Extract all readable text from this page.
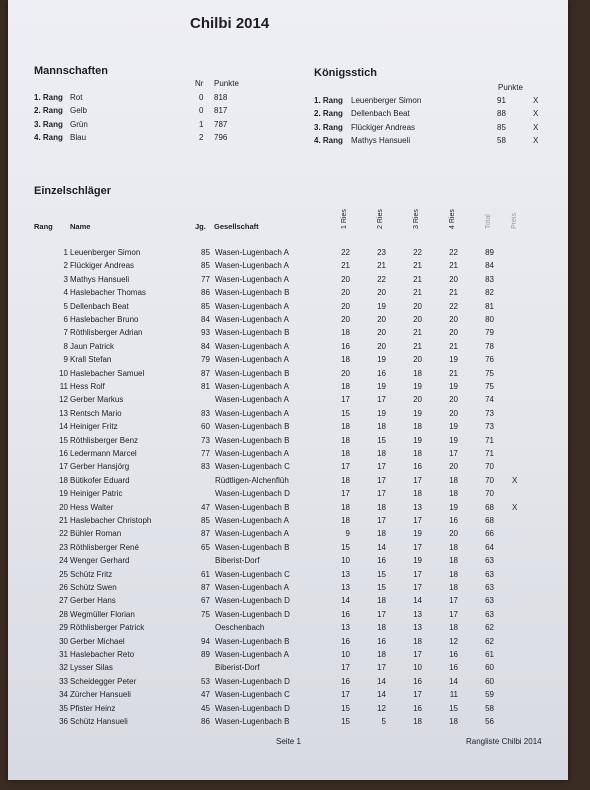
Chilbi 2014
Mannschaften
Nr Punkte
1. Rang Rot	0 818
2. Rang Gelb	0 817
3. Rang Grün	1 787
4. Rang Blau	2 796
Königsstich
Punkte
1. Rang Leuenberger Simon	91	X
2. Rang Dellenbach Beat	88	X
3. Rang Flückiger Andreas	85	X
4. Rang Mathys Hansueli	58	X
Einzelschläger
Rang Name	Jg. Gesellschaft	1 Ries	2 Ries	3 Ries	4 Ries	Total	Preis
1 Leuenberger Simon	85 Wasen-Lugenbach A	22	23	22	22	89
2 Flückiger Andreas	85 Wasen-Lugenbach A	21	21	21	21	84
3 Mathys Hansueli	77 Wasen-Lugenbach A	20	22	21	20	83
4 Haslebacher Thomas	86 Wasen-Lugenbach B	20	20	21	21	82
5 Dellenbach Beat	85 Wasen-Lugenbach A	20	19	20	22	81
6 Haslebacher Bruno	84 Wasen-Lugenbach A	20	20	20	20	80
7 Röthlisberger Adrian	93 Wasen-Lugenbach B	18	20	21	20	79
8 Jaun Patrick	84 Wasen-Lugenbach A	16	20	21	21	78
9 Krall Stefan	79 Wasen-Lugenbach A	18	19	20	19	76
10 Haslebacher Samuel	87 Wasen-Lugenbach B	20	16	18	21	75
11 Hess Rolf	81 Wasen-Lugenbach A	18	19	19	19	75
12 Gerber Markus	Wasen-Lugenbach A	17	17	20	20	74
13 Rentsch Mario	83 Wasen-Lugenbach A	15	19	19	20	73
14 Heiniger Fritz	60 Wasen-Lugenbach B	18	18	18	19	73
15 Röthlisberger Benz	73 Wasen-Lugenbach B	18	15	19	19	71
16 Ledermann Marcel	77 Wasen-Lugenbach A	18	18	18	17	71
17 Gerber Hansjörg	83 Wasen-Lugenbach C	17	17	16	20	70
18 Bütikofer Eduard	Rüdtligen-Alchenflüh	18	17	17	18	70 X
19 Heiniger Patric	Wasen-Lugenbach D	17	17	18	18	70
20 Hess Walter	47 Wasen-Lugenbach B	18	18	13	19	68 X
21 Haslebacher Christoph	85 Wasen-Lugenbach A	18	17	17	16	68
22 Bühler Roman	87 Wasen-Lugenbach A	9	18	19	20	66
23 Röthlisberger René	65 Wasen-Lugenbach B	15	14	17	18	64
24 Wenger Gerhard	Biberist-Dorf	10	16	19	18	63
25 Schütz Fritz	61 Wasen-Lugenbach C	13	15	17	18	63
26 Schütz Swen	87 Wasen-Lugenbach A	13	15	17	18	63
27 Gerber Hans	67 Wasen-Lugenbach D	14	18	14	17	63
28 Wegmüller Florian	75 Wasen-Lugenbach D	16	17	13	17	63
29 Röthlisberger Patrick	Oeschenbach	13	18	13	18	62
30 Gerber Michael	94 Wasen-Lugenbach B	16	16	18	12	62
31 Haslebacher Reto	89 Wasen-Lugenbach A	10	18	17	16	61
32 Lysser Silas	Biberist-Dorf	17	17	10	16	60
33 Scheidegger Peter	53 Wasen-Lugenbach D	16	14	16	14	60
34 Zürcher Hansueli	47 Wasen-Lugenbach C	17	14	17	11	59
35 Pfister Heinz	45 Wasen-Lugenbach D	15	12	16	15	58
36 Schütz Hansueli	86 Wasen-Lugenbach B	15	5	18	18	56
Seite 1	Rangliste Chilbi 2014
